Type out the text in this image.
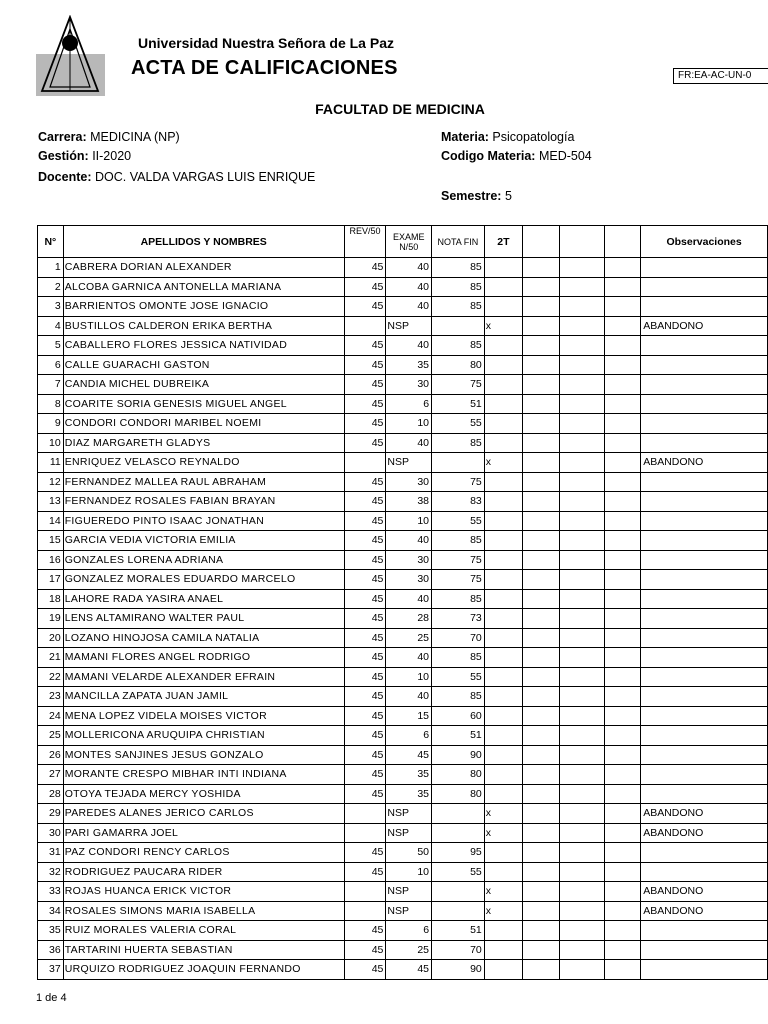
Universidad Nuestra Señora de La Paz
ACTA DE CALIFICACIONES	FR:EA-AC-UN-0
FACULTAD DE MEDICINA
Carrera: MEDICINA (NP)
Gestión: II-2020
Docente: DOC. VALDA VARGAS LUIS ENRIQUE
Materia: Psicopatología
Codigo Materia: MED-504
Semestre: 5
N°	APELLIDOS Y NOMBRES	REV/50	EXAME N/50	NOTA FIN	2T				Observaciones
1	CABRERA DORIAN ALEXANDER	45	40	85					
2	ALCOBA GARNICA ANTONELLA MARIANA	45	40	85					
3	BARRIENTOS OMONTE JOSE IGNACIO	45	40	85					
4	BUSTILLOS CALDERON ERIKA BERTHA		NSP		x				ABANDONO
5	CABALLERO FLORES JESSICA NATIVIDAD	45	40	85					
6	CALLE GUARACHI GASTON	45	35	80					
7	CANDIA MICHEL DUBREIKA	45	30	75					
8	COARITE SORIA GENESIS MIGUEL ANGEL	45	6	51					
9	CONDORI CONDORI MARIBEL NOEMI	45	10	55					
10	DIAZ MARGARETH GLADYS	45	40	85					
11	ENRIQUEZ VELASCO REYNALDO		NSP		x				ABANDONO
12	FERNANDEZ MALLEA RAUL ABRAHAM	45	30	75					
13	FERNANDEZ ROSALES FABIAN BRAYAN	45	38	83					
14	FIGUEREDO PINTO ISAAC JONATHAN	45	10	55					
15	GARCIA VEDIA VICTORIA EMILIA	45	40	85					
16	GONZALES LORENA ADRIANA	45	30	75					
17	GONZALEZ MORALES EDUARDO MARCELO	45	30	75					
18	LAHORE RADA YASIRA ANAEL	45	40	85					
19	LENS ALTAMIRANO WALTER PAUL	45	28	73					
20	LOZANO HINOJOSA CAMILA NATALIA	45	25	70					
21	MAMANI FLORES ANGEL RODRIGO	45	40	85					
22	MAMANI VELARDE ALEXANDER EFRAIN	45	10	55					
23	MANCILLA ZAPATA JUAN JAMIL	45	40	85					
24	MENA LOPEZ VIDELA MOISES VICTOR	45	15	60					
25	MOLLERICONA ARUQUIPA CHRISTIAN	45	6	51					
26	MONTES SANJINES JESUS GONZALO	45	45	90					
27	MORANTE CRESPO MIBHAR INTI INDIANA	45	35	80					
28	OTOYA TEJADA MERCY YOSHIDA	45	35	80					
29	PAREDES ALANES JERICO CARLOS		NSP		x				ABANDONO
30	PARI GAMARRA JOEL		NSP		x				ABANDONO
31	PAZ CONDORI RENCY CARLOS	45	50	95					
32	RODRIGUEZ PAUCARA RIDER	45	10	55					
33	ROJAS HUANCA ERICK VICTOR		NSP		x				ABANDONO
34	ROSALES SIMONS MARIA ISABELLA		NSP		x				ABANDONO
35	RUIZ MORALES VALERIA CORAL	45	6	51					
36	TARTARINI HUERTA SEBASTIAN	45	25	70					
37	URQUIZO RODRIGUEZ JOAQUIN FERNANDO	45	45	90					
1 de 4
